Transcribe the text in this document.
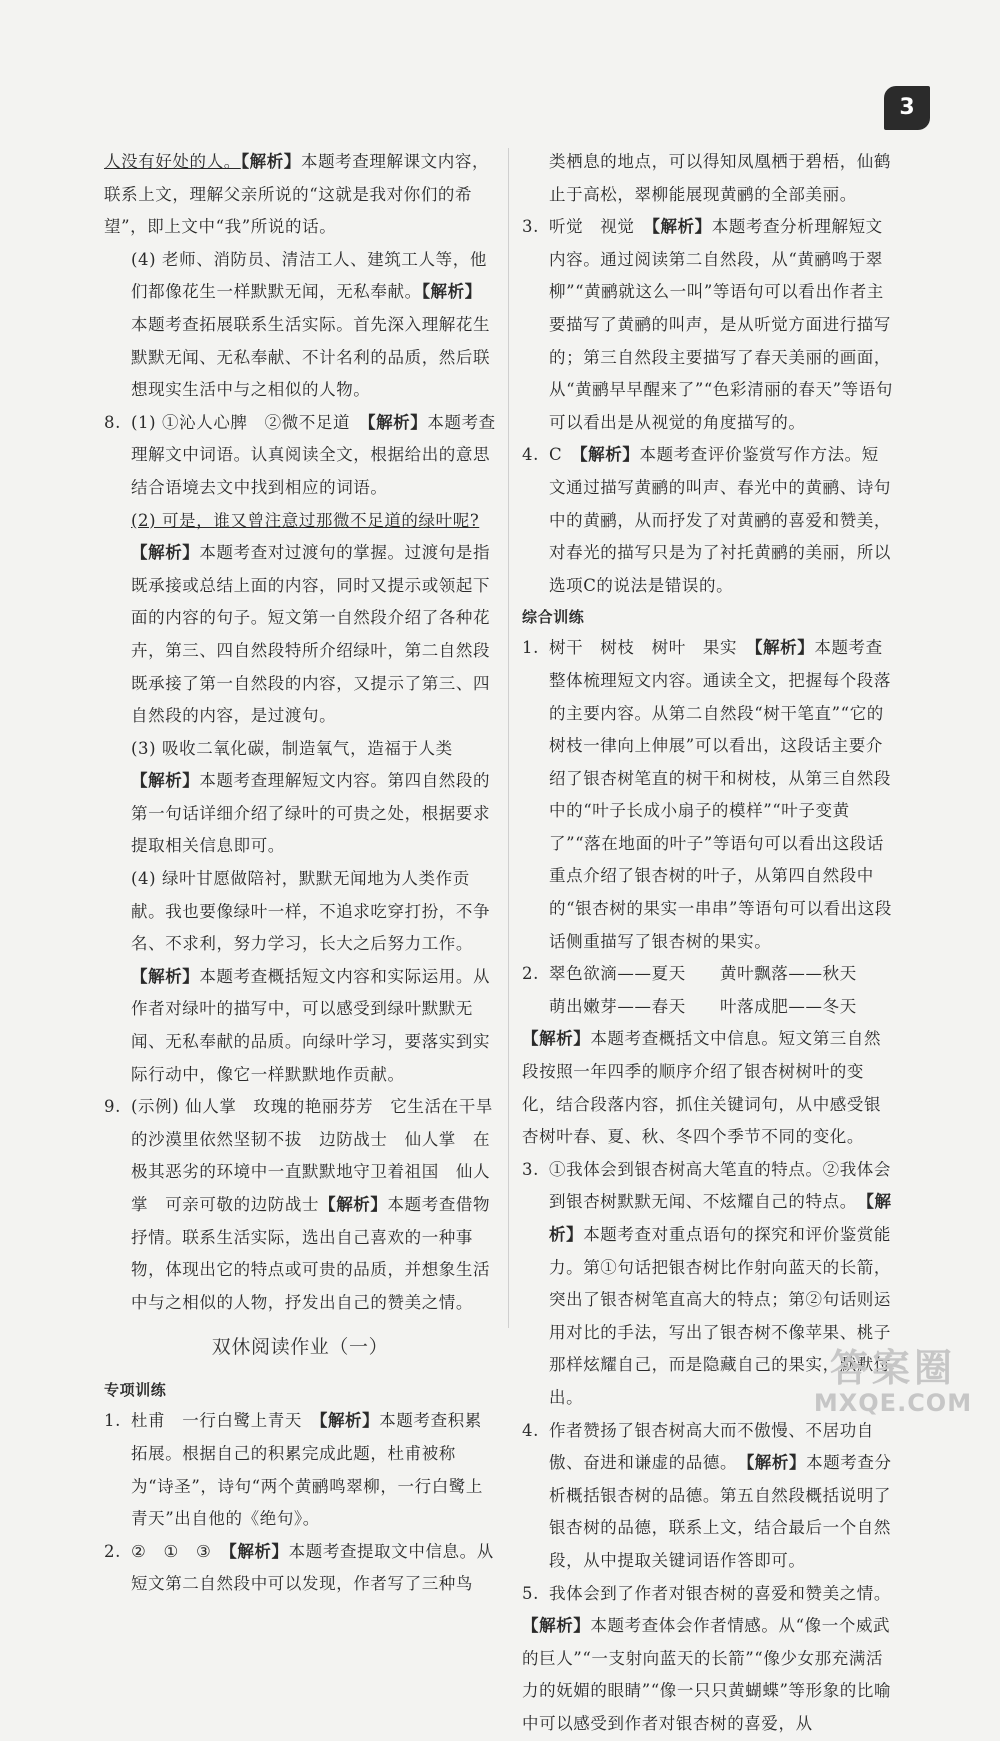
3

人没有好处的人。【解析】本题考查理解课文内容，联系上文，理解父亲所说的“这就是我对你们的希望”，即上文中“我”所说的话。

(4) 老师、消防员、清洁工人、建筑工人等，他们都像花生一样默默无闻，无私奉献。【解析】本题考查拓展联系生活实际。首先深入理解花生默默无闻、无私奉献、不计名利的品质，然后联想现实生活中与之相似的人物。

8. (1) ①沁人心脾　②微不足道　【解析】本题考查理解文中词语。认真阅读全文，根据给出的意思结合语境去文中找到相应的词语。

(2) 可是，谁又曾注意过那微不足道的绿叶呢?

【解析】本题考查对过渡句的掌握。过渡句是指既承接或总结上面的内容，同时又提示或领起下面的内容的句子。短文第一自然段介绍了各种花卉，第三、四自然段特所介绍绿叶，第二自然段既承接了第一自然段的内容，又提示了第三、四自然段的内容，是过渡句。

(3) 吸收二氧化碳，制造氧气，造福于人类

【解析】本题考查理解短文内容。第四自然段的第一句话详细介绍了绿叶的可贵之处，根据要求提取相关信息即可。

(4) 绿叶甘愿做陪衬，默默无闻地为人类作贡献。我也要像绿叶一样，不追求吃穿打扮，不争名、不求利，努力学习，长大之后努力工作。

【解析】本题考查概括短文内容和实际运用。从作者对绿叶的描写中，可以感受到绿叶默默无闻、无私奉献的品质。向绿叶学习，要落实到实际行动中，像它一样默默地作贡献。

9. (示例) 仙人掌　玫瑰的艳丽芬芳　它生活在干旱的沙漠里依然坚韧不拔　边防战士　仙人掌　在极其恶劣的环境中一直默默地守卫着祖国　仙人掌　可亲可敬的边防战士【解析】本题考查借物抒情。联系生活实际，选出自己喜欢的一种事物，体现出它的特点或可贵的品质，并想象生活中与之相似的人物，抒发出自己的赞美之情。

双休阅读作业（一）
专项训练
1. 杜甫　一行白鹭上青天　【解析】本题考查积累拓展。根据自己的积累完成此题，杜甫被称为“诗圣”，诗句“两个黄鹂鸣翠柳，一行白鹭上青天”出自他的《绝句》。

2. ②　①　③　【解析】本题考查提取文中信息。从短文第二自然段中可以发现，作者写了三种鸟

类栖息的地点，可以得知凤凰栖于碧梧，仙鹤止于高松，翠柳能展现黄鹂的全部美丽。

3. 听觉　视觉　【解析】本题考查分析理解短文内容。通过阅读第二自然段，从“黄鹂鸣于翠柳”“黄鹂就这么一叫”等语句可以看出作者主要描写了黄鹂的叫声，是从听觉方面进行描写的；第三自然段主要描写了春天美丽的画面，从“黄鹂早早醒来了”“色彩清丽的春天”等语句可以看出是从视觉的角度描写的。

4. C　【解析】本题考查评价鉴赏写作方法。短文通过描写黄鹂的叫声、春光中的黄鹂、诗句中的黄鹂，从而抒发了对黄鹂的喜爱和赞美，对春光的描写只是为了衬托黄鹂的美丽，所以选项C的说法是错误的。

综合训练
1. 树干　树枝　树叶　果实　【解析】本题考查整体梳理短文内容。通读全文，把握每个段落的主要内容。从第二自然段“树干笔直”“它的树枝一律向上伸展”可以看出，这段话主要介绍了银杏树笔直的树干和树枝，从第三自然段中的“叶子长成小扇子的模样”“叶子变黄了”“落在地面的叶子”等语句可以看出这段话重点介绍了银杏树的叶子，从第四自然段中的“银杏树的果实一串串”等语句可以看出这段话侧重描写了银杏树的果实。

2. 翠色欲滴——夏天　　黄叶飘落——秋天

萌出嫩芽——春天　　叶落成肥——冬天

【解析】本题考查概括文中信息。短文第三自然段按照一年四季的顺序介绍了银杏树树叶的变化，结合段落内容，抓住关键词句，从中感受银杏树叶春、夏、秋、冬四个季节不同的变化。

3. ①我体会到银杏树高大笔直的特点。②我体会到银杏树默默无闻、不炫耀自己的特点。　【解析】本题考查对重点语句的探究和评价鉴赏能力。第①句话把银杏树比作射向蓝天的长箭，突出了银杏树笔直高大的特点；第②句话则运用对比的手法，写出了银杏树不像苹果、桃子那样炫耀自己，而是隐藏自己的果实，默默付出。

4. 作者赞扬了银杏树高大而不傲慢、不居功自傲、奋进和谦虚的品德。　【解析】本题考查分析概括银杏树的品德。第五自然段概括说明了银杏树的品德，联系上文，结合最后一个自然段，从中提取关键词语作答即可。

5. 我体会到了作者对银杏树的喜爱和赞美之情。

【解析】本题考查体会作者情感。从“像一个威武的巨人”“一支射向蓝天的长箭”“像少女那充满活力的妩媚的眼睛”“像一只只黄蝴蝶”等形象的比喻中可以感受到作者对银杏树的喜爱，从

答案圈
MXQE.COM
